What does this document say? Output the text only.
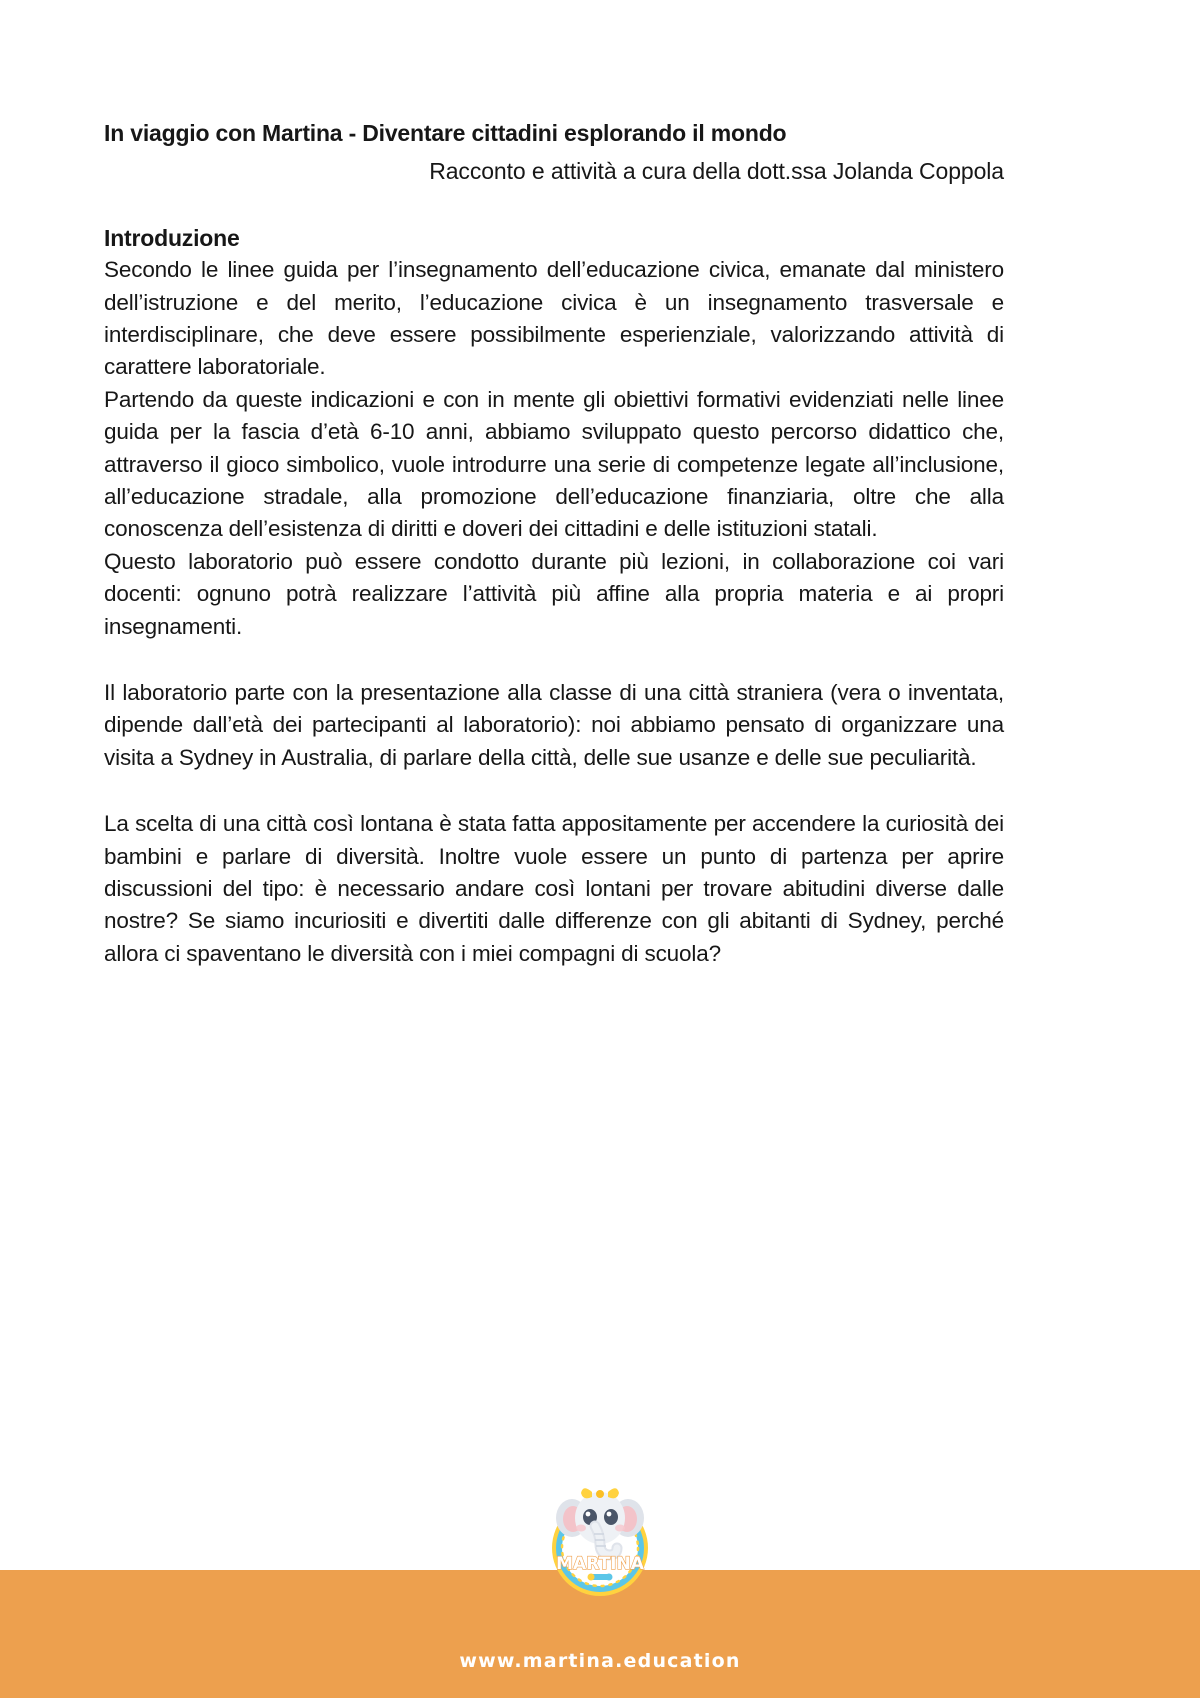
In viaggio con Martina - Diventare cittadini esplorando il mondo

Racconto e attività a cura della dott.ssa Jolanda Coppola

Introduzione

Secondo le linee guida per l’insegnamento dell’educazione civica, emanate dal ministero dell’istruzione e del merito, l’educazione civica è un insegnamento trasversale e interdisciplinare, che deve essere possibilmente esperienziale, valorizzando attività di carattere laboratoriale.

Partendo da queste indicazioni e con in mente gli obiettivi formativi evidenziati nelle linee guida per la fascia d’età 6-10 anni, abbiamo sviluppato questo percorso didattico che, attraverso il gioco simbolico, vuole introdurre una serie di competenze legate all’inclusione, all’educazione stradale, alla promozione dell’educazione finanziaria, oltre che alla conoscenza dell’esistenza di diritti e doveri dei cittadini e delle istituzioni statali.

Questo laboratorio può essere condotto durante più lezioni, in collaborazione coi vari docenti: ognuno potrà realizzare l’attività più affine alla propria materia e ai propri insegnamenti.

Il laboratorio parte con la presentazione alla classe di una città straniera (vera o inventata, dipende dall’età dei partecipanti al laboratorio): noi abbiamo pensato di organizzare una visita a Sydney in Australia, di parlare della città, delle sue usanze e delle sue peculiarità.

La scelta di una città così lontana è stata fatta appositamente per accendere la curiosità dei bambini e parlare di diversità. Inoltre vuole essere un punto di partenza per aprire discussioni del tipo: è necessario andare così lontani per trovare abitudini diverse dalle nostre? Se siamo incuriositi e divertiti dalle differenze con gli abitanti di Sydney, perché allora ci spaventano le diversità con i miei compagni di scuola?

MARTINA
www.martina.education
